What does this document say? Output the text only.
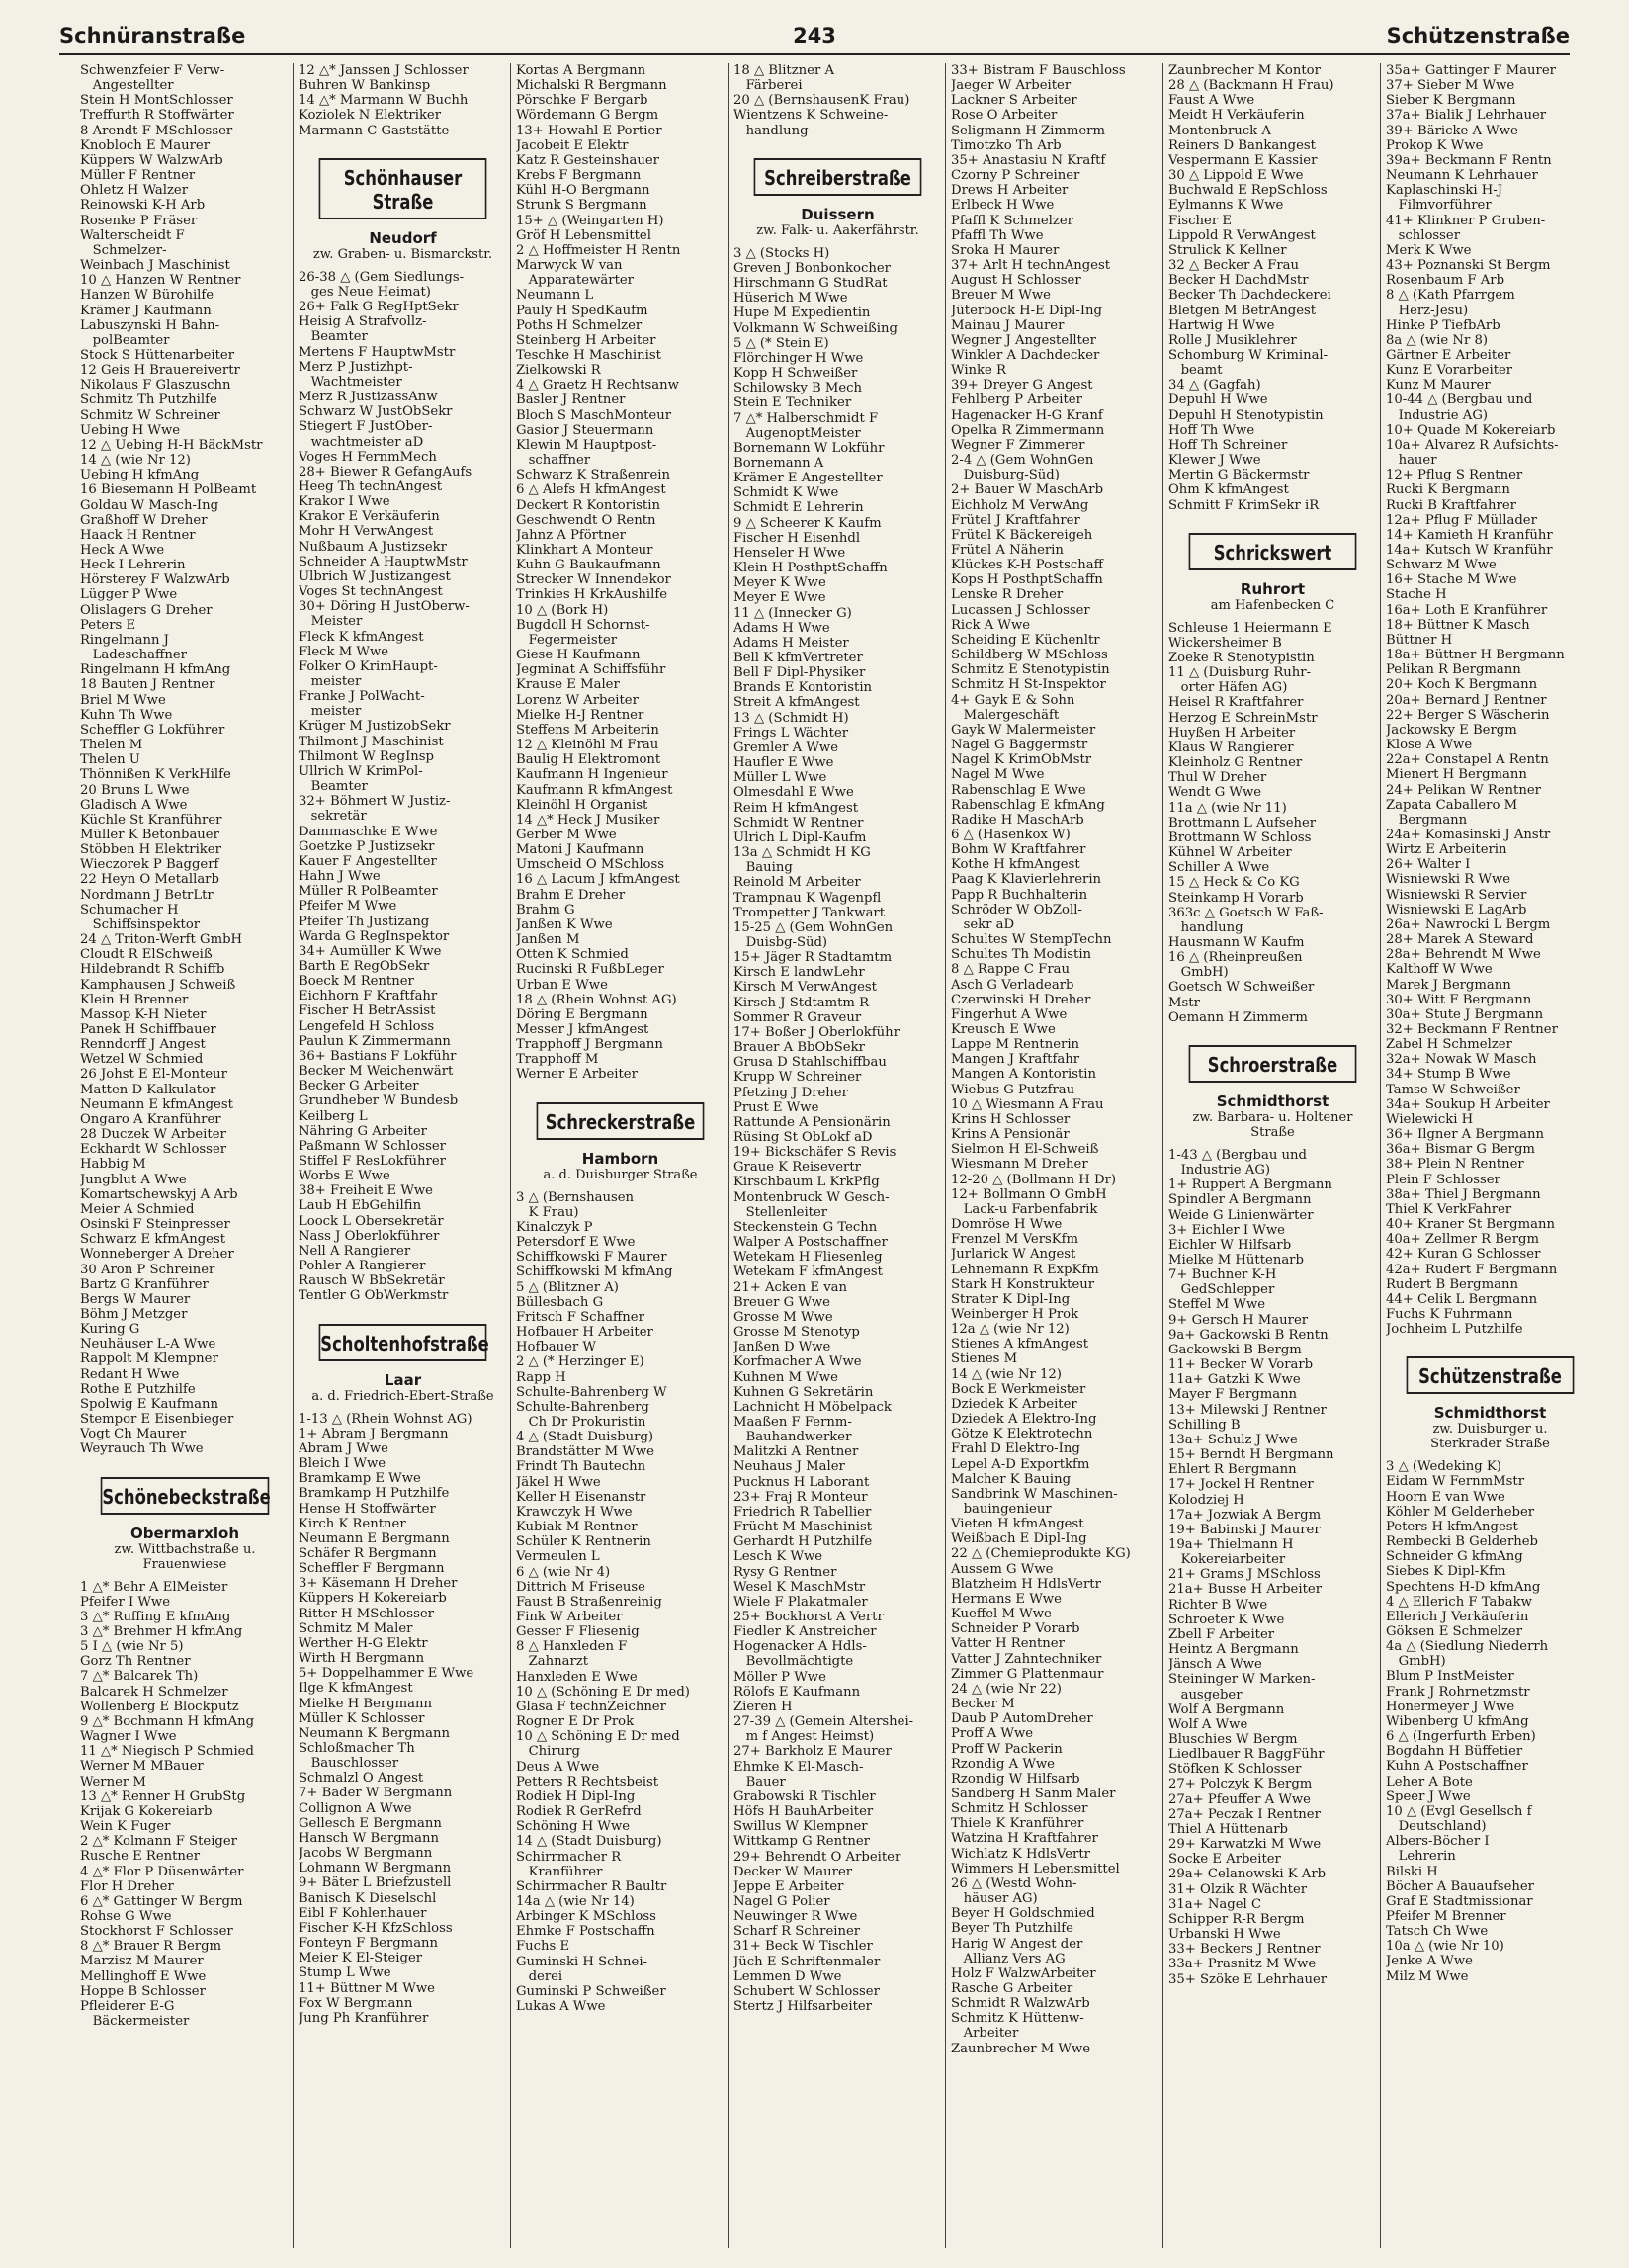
Schnüranstraße	243	Schützenstraße
Schwenzfeier F Verw-
Angestellter
Stein H MontSchlosser
Treffurth R Stoffwärter
8 Arendt F MSchlosser
Knobloch E Maurer
Küppers W WalzwArb
Müller F Rentner
Ohletz H Walzer
Reinowski K-H Arb
Rosenke P Fräser
Walterscheidt F
Schmelzer-
Weinbach J Maschinist
10 △ Hanzen W Rentner
Hanzen W Bürohilfe
Krämer J Kaufmann
Labuszynski H Bahn-
polBeamter
Stock S Hüttenarbeiter
12 Geis H Brauereivertr
Nikolaus F Glaszuschn
Schmitz Th Putzhilfe
Schmitz W Schreiner
Uebing H Wwe
12 △ Uebing H-H BäckMstr
14 △ (wie Nr 12)
Uebing H kfmAng
16 Biesemann H PolBeamt
Goldau W Masch-Ing
Graßhoff W Dreher
Haack H Rentner
Heck A Wwe
Heck I Lehrerin
Hörsterey F WalzwArb
Lügger P Wwe
Olislagers G Dreher
Peters E
Ringelmann J
Ladeschaffner
Ringelmann H kfmAng
18 Bauten J Rentner
Briel M Wwe
Kuhn Th Wwe
Scheffler G Lokführer
Thelen M
Thelen U
Thönnißen K VerkHilfe
20 Bruns L Wwe
Gladisch A Wwe
Küchle St Kranführer
Müller K Betonbauer
Stöbben H Elektriker
Wieczorek P Baggerf
22 Heyn O Metallarb
Nordmann J BetrLtr
Schumacher H
Schiffsinspektor
24 △ Triton-Werft GmbH
Cloudt R ElSchweiß
Hildebrandt R Schiffb
Kamphausen J Schweiß
Klein H Brenner
Massop K-H Nieter
Panek H Schiffbauer
Renndorff J Angest
Wetzel W Schmied
26 Johst E El-Monteur
Matten D Kalkulator
Neumann E kfmAngest
Ongaro A Kranführer
28 Duczek W Arbeiter
Eckhardt W Schlosser
Habbig M
Jungblut A Wwe
Komartschewskyj A Arb
Meier A Schmied
Osinski F Steinpresser
Schwarz E kfmAngest
Wonneberger A Dreher
30 Aron P Schreiner
Bartz G Kranführer
Bergs W Maurer
Böhm J Metzger
Kuring G
Neuhäuser L-A Wwe
Rappolt M Klempner
Redant H Wwe
Rothe E Putzhilfe
Spolwig E Kaufmann
Stempor E Eisenbieger
Vogt Ch Maurer
Weyrauch Th Wwe
Schönebeckstraße
Obermarxloh
zw. Wittbachstraße u.
Frauenwiese
1 △* Behr A ElMeister
Pfeifer I Wwe
3 △* Ruffing E kfmAng
3 △* Brehmer H kfmAng
5 I △ (wie Nr 5)
Gorz Th Rentner
7 △* Balcarek Th)
Balcarek H Schmelzer
Wollenberg E Blockputz
9 △* Bochmann H kfmAng
Wagner I Wwe
11 △* Niegisch P Schmied
Werner M MBauer
Werner M
13 △* Renner H GrubStg
Krijak G Kokereiarb
Wein K Fuger
2 △* Kolmann F Steiger
Rusche E Rentner
4 △* Flor P Düsenwärter
Flor H Dreher
6 △* Gattinger W Bergm
Rohse G Wwe
Stockhorst F Schlosser
8 △* Brauer R Bergm
Marzisz M Maurer
Mellinghoff E Wwe
Hoppe B Schlosser
Pfleiderer E-G
Bäckermeister
12 △* Janssen J Schlosser
Buhren W Bankinsp
14 △* Marmann W Buchh
Koziolek N Elektriker
Marmann C Gaststätte
Schönhauser Straße
Neudorf
zw. Graben- u. Bismarckstr.
26-38 △ (Gem Siedlungs-
ges Neue Heimat)
26+ Falk G RegHptSekr
Heisig A Strafvollz-
Beamter
Mertens F HauptwMstr
Merz P Justizhpt-
Wachtmeister
Merz R JustizassAnw
Schwarz W JustObSekr
Stiegert F JustOber-
wachtmeister aD
Voges H FernmMech
28+ Biewer R GefangAufs
Heeg Th technAngest
Krakor I Wwe
Krakor E Verkäuferin
Mohr H VerwAngest
Nußbaum A Justizsekr
Schneider A HauptwMstr
Ulbrich W Justizangest
Voges St technAngest
30+ Döring H JustOberw-
Meister
Fleck K kfmAngest
Fleck M Wwe
Folker O KrimHaupt-
meister
Franke J PolWacht-
meister
Krüger M JustizobSekr
Thilmont J Maschinist
Thilmont W RegInsp
Ullrich W KrimPol-
Beamter
32+ Böhmert W Justiz-
sekretär
Dammaschke E Wwe
Goetzke P Justizsekr
Kauer F Angestellter
Hahn J Wwe
Müller R PolBeamter
Pfeifer M Wwe
Pfeifer Th Justizang
Warda G RegInspektor
34+ Aumüller K Wwe
Barth E RegObSekr
Boeck M Rentner
Eichhorn F Kraftfahr
Fischer H BetrAssist
Lengefeld H Schloss
Paulun K Zimmermann
36+ Bastians F Lokführ
Becker M Weichenwärt
Becker G Arbeiter
Grundheber W Bundesb
Keilberg L
Nähring G Arbeiter
Paßmann W Schlosser
Stiffel F ResLokführer
Worbs E Wwe
38+ Freiheit E Wwe
Laub H EbGehilfin
Loock L Obersekretär
Nass J Oberlokführer
Nell A Rangierer
Pohler A Rangierer
Rausch W BbSekretär
Tentler G ObWerkmstr
Scholtenhofstraße
Laar
a. d. Friedrich-Ebert-Straße
1-13 △ (Rhein Wohnst AG)
1+ Abram J Bergmann
Abram J Wwe
Bleich I Wwe
Bramkamp E Wwe
Bramkamp H Putzhilfe
Hense H Stoffwärter
Kirch K Rentner
Neumann E Bergmann
Schäfer R Bergmann
Scheffler F Bergmann
3+ Käsemann H Dreher
Küppers H Kokereiarb
Ritter H MSchlosser
Schmitz M Maler
Werther H-G Elektr
Wirth H Bergmann
5+ Doppelhammer E Wwe
Ilge K kfmAngest
Mielke H Bergmann
Müller K Schlosser
Neumann K Bergmann
Schloßmacher Th
Bauschlosser
Schmalzl O Angest
7+ Bader W Bergmann
Collignon A Wwe
Gellesch E Bergmann
Hansch W Bergmann
Jacobs W Bergmann
Lohmann W Bergmann
9+ Bäter L Briefzustell
Banisch K Dieselschl
Eibl F Kohlenhauer
Fischer K-H KfzSchloss
Fonteyn F Bergmann
Meier K El-Steiger
Stump L Wwe
11+ Büttner M Wwe
Fox W Bergmann
Jung Ph Kranführer
Kortas A Bergmann
Michalski R Bergmann
Pörschke F Bergarb
Wördemann G Bergm
13+ Howahl E Portier
Jacobeit E Elektr
Katz R Gesteinshauer
Krebs F Bergmann
Kühl H-O Bergmann
Strunk S Bergmann
15+ △ (Weingarten H)
Gröf H Lebensmittel
2 △ Hoffmeister H Rentn
Marwyck W van
Apparatewärter
Neumann L
Pauly H SpedKaufm
Poths H Schmelzer
Steinberg H Arbeiter
Teschke H Maschinist
Zielkowski R
4 △ Graetz H Rechtsanw
Basler J Rentner
Bloch S MaschMonteur
Gasior J Steuermann
Klewin M Hauptpost-
schaffner
Schwarz K Straßenrein
6 △ Alefs H kfmAngest
Deckert R Kontoristin
Geschwendt O Rentn
Jahnz A Pförtner
Klinkhart A Monteur
Kuhn G Baukaufmann
Strecker W Innendekor
Trinkies H KrkAushilfe
10 △ (Bork H)
Bugdoll H Schornst-
Fegermeister
Giese H Kaufmann
Jegminat A Schiffsführ
Krause E Maler
Lorenz W Arbeiter
Mielke H-J Rentner
Steffens M Arbeiterin
12 △ Kleinöhl M Frau
Baulig H Elektromont
Kaufmann H Ingenieur
Kaufmann R kfmAngest
Kleinöhl H Organist
14 △* Heck J Musiker
Gerber M Wwe
Matoni J Kaufmann
Umscheid O MSchloss
16 △ Lacum J kfmAngest
Brahm E Dreher
Brahm G
Janßen K Wwe
Janßen M
Otten K Schmied
Rucinski R FußbLeger
Urban E Wwe
18 △ (Rhein Wohnst AG)
Döring E Bergmann
Messer J kfmAngest
Trapphoff J Bergmann
Trapphoff M
Werner E Arbeiter
Schreckerstraße
Hamborn
a. d. Duisburger Straße
3 △ (Bernshausen
K Frau)
Kinalczyk P
Petersdorf E Wwe
Schiffkowski F Maurer
Schiffkowski M kfmAng
5 △ (Blitzner A)
Büllesbach G
Fritsch F Schaffner
Hofbauer H Arbeiter
Hofbauer W
2 △ (* Herzinger E)
Rapp H
Schulte-Bahrenberg W
Schulte-Bahrenberg
Ch Dr Prokuristin
4 △ (Stadt Duisburg)
Brandstätter M Wwe
Frindt Th Bautechn
Jäkel H Wwe
Keller H Eisenanstr
Krawczyk H Wwe
Kubiak M Rentner
Schüler K Rentnerin
Vermeulen L
6 △ (wie Nr 4)
Dittrich M Friseuse
Faust B Straßenreinig
Fink W Arbeiter
Gesser F Fliesenig
8 △ Hanxleden F
Zahnarzt
Hanxleden E Wwe
10 △ (Schöning E Dr med)
Glasa F technZeichner
Rogner E Dr Prok
10 △ Schöning E Dr med
Chirurg
Deus A Wwe
Petters R Rechtsbeist
Rodiek H Dipl-Ing
Rodiek R GerRefrd
Schöning H Wwe
14 △ (Stadt Duisburg)
Schirrmacher R
Kranführer
Schirrmacher R Baultr
14a △ (wie Nr 14)
Arbinger K MSchloss
Ehmke F Postschaffn
Fuchs E
Guminski H Schnei-
derei
Guminski P Schweißer
Lukas A Wwe
18 △ Blitzner A
Färberei
20 △ (BernshausenK Frau)
Wientzens K Schweine-
handlung
Schreiberstraße
Duissern
zw. Falk- u. Aakerfährstr.
3 △ (Stocks H)
Greven J Bonbonkocher
Hirschmann G StudRat
Hüserich M Wwe
Hupe M Expedientin
Volkmann W Schweißing
5 △ (* Stein E)
Flörchinger H Wwe
Kopp H Schweißer
Schilowsky B Mech
Stein E Techniker
7 △* Halberschmidt F
AugenoptMeister
Bornemann W Lokführ
Bornemann A
Krämer E Angestellter
Schmidt K Wwe
Schmidt E Lehrerin
9 △ Scheerer K Kaufm
Fischer H Eisenhdl
Henseler H Wwe
Klein H PosthptSchaffn
Meyer K Wwe
Meyer E Wwe
11 △ (Innecker G)
Adams H Wwe
Adams H Meister
Bell K kfmVertreter
Bell F Dipl-Physiker
Brands E Kontoristin
Streit A kfmAngest
13 △ (Schmidt H)
Frings L Wächter
Gremler A Wwe
Haufler E Wwe
Müller L Wwe
Olmesdahl E Wwe
Reim H kfmAngest
Schmidt W Rentner
Ulrich L Dipl-Kaufm
13a △ Schmidt H KG
Bauing
Reinold M Arbeiter
Trampnau K Wagenpfl
Trompetter J Tankwart
15-25 △ (Gem WohnGen
Duisbg-Süd)
15+ Jäger R Stadtamtm
Kirsch E landwLehr
Kirsch M VerwAngest
Kirsch J Stdtamtm R
Sommer R Graveur
17+ Boßer J Oberlokführ
Brauer A BbObSekr
Grusa D Stahlschiffbau
Krupp W Schreiner
Pfetzing J Dreher
Prust E Wwe
Rattunde A Pensionärin
Rüsing St ObLokf aD
19+ Bickschäfer S Revis
Graue K Reisevertr
Kirschbaum L KrkPflg
Montenbruck W Gesch-
Stellenleiter
Steckenstein G Techn
Walper A Postschaffner
Wetekam H Fliesenleg
Wetekam F kfmAngest
21+ Acken E van
Breuer G Wwe
Grosse M Wwe
Grosse M Stenotyp
Janßen D Wwe
Korfmacher A Wwe
Kuhnen M Wwe
Kuhnen G Sekretärin
Lachnicht H Möbelpack
Maaßen F Fernm-
Bauhandwerker
Malitzki A Rentner
Neuhaus J Maler
Pucknus H Laborant
23+ Fraj R Monteur
Friedrich R Tabellier
Frücht M Maschinist
Gerhardt H Putzhilfe
Lesch K Wwe
Rysy G Rentner
Wesel K MaschMstr
Wiele F Plakatmaler
25+ Bockhorst A Vertr
Fiedler K Anstreicher
Hogenacker A Hdls-
Bevollmächtigte
Möller P Wwe
Rölofs E Kaufmann
Zieren H
27-39 △ (Gemein Altershei-
m f Angest Heimst)
27+ Barkholz E Maurer
Ehmke K El-Masch-
Bauer
Grabowski R Tischler
Höfs H BauhArbeiter
Swillus W Klempner
Wittkamp G Rentner
29+ Behrendt O Arbeiter
Decker W Maurer
Jeppe E Arbeiter
Nagel G Polier
Neuwinger R Wwe
Scharf R Schreiner
31+ Beck W Tischler
Jüch E Schriftenmaler
Lemmen D Wwe
Schubert W Schlosser
Stertz J Hilfsarbeiter
33+ Bistram F Bauschloss
Jaeger W Arbeiter
Lackner S Arbeiter
Rose O Arbeiter
Seligmann H Zimmerm
Timotzko Th Arb
35+ Anastasiu N Kraftf
Czorny P Schreiner
Drews H Arbeiter
Erlbeck H Wwe
Pfaffl K Schmelzer
Pfaffl Th Wwe
Sroka H Maurer
37+ Arlt H technAngest
August H Schlosser
Breuer M Wwe
Jüterbock H-E Dipl-Ing
Mainau J Maurer
Wegner J Angestellter
Winkler A Dachdecker
Winke R
39+ Dreyer G Angest
Fehlberg P Arbeiter
Hagenacker H-G Kranf
Opelka R Zimmermann
Wegner F Zimmerer
2-4 △ (Gem WohnGen
Duisburg-Süd)
2+ Bauer W MaschArb
Eichholz M VerwAng
Frütel J Kraftfahrer
Frütel K Bäckereigeh
Frütel A Näherin
Klückes K-H Postschaff
Kops H PosthptSchaffn
Lenske R Dreher
Lucassen J Schlosser
Rick A Wwe
Scheiding E Küchenltr
Schildberg W MSchloss
Schmitz E Stenotypistin
Schmitz H St-Inspektor
4+ Gayk E & Sohn
Malergeschäft
Gayk W Malermeister
Nagel G Baggermstr
Nagel K KrimObMstr
Nagel M Wwe
Rabenschlag E Wwe
Rabenschlag E kfmAng
Radike H MaschArb
6 △ (Hasenkox W)
Bohm W Kraftfahrer
Kothe H kfmAngest
Paag K Klavierlehrerin
Papp R Buchhalterin
Schröder W ObZoll-
sekr aD
Schultes W StempTechn
Schultes Th Modistin
8 △ Rappe C Frau
Asch G Verladearb
Czerwinski H Dreher
Fingerhut A Wwe
Kreusch E Wwe
Lappe M Rentnerin
Mangen J Kraftfahr
Mangen A Kontoristin
Wiebus G Putzfrau
10 △ Wiesmann A Frau
Krins H Schlosser
Krins A Pensionär
Sielmon H El-Schweiß
Wiesmann M Dreher
12-20 △ (Bollmann H Dr)
12+ Bollmann O GmbH
Lack-u Farbenfabrik
Domröse H Wwe
Frenzel M VersKfm
Jurlarick W Angest
Lehnemann R ExpKfm
Stark H Konstrukteur
Strater K Dipl-Ing
Weinberger H Prok
12a △ (wie Nr 12)
Stienes A kfmAngest
Stienes M
14 △ (wie Nr 12)
Bock E Werkmeister
Dziedek K Arbeiter
Dziedek A Elektro-Ing
Götze K Elektrotechn
Frahl D Elektro-Ing
Lepel A-D Exportkfm
Malcher K Bauing
Sandbrink W Maschinen-
bauingenieur
Vieten H kfmAngest
Weißbach E Dipl-Ing
22 △ (Chemieprodukte KG)
Aussem G Wwe
Blatzheim H HdlsVertr
Hermans E Wwe
Kueffel M Wwe
Schneider P Vorarb
Vatter H Rentner
Vatter J Zahntechniker
Zimmer G Plattenmaur
24 △ (wie Nr 22)
Becker M
Daub P AutomDreher
Proff A Wwe
Proff W Packerin
Rzondig A Wwe
Rzondig W Hilfsarb
Sandberg H Sanm Maler
Schmitz H Schlosser
Thiele K Kranführer
Watzina H Kraftfahrer
Wichlatz K HdlsVertr
Wimmers H Lebensmittel
26 △ (Westd Wohn-
häuser AG)
Beyer H Goldschmied
Beyer Th Putzhilfe
Harig W Angest der
Allianz Vers AG
Holz F WalzwArbeiter
Rasche G Arbeiter
Schmidt R WalzwArb
Schmitz K Hüttenw-
Arbeiter
Zaunbrecher M Wwe
Zaunbrecher M Kontor
28 △ (Backmann H Frau)
Faust A Wwe
Meidt H Verkäuferin
Montenbruck A
Reiners D Bankangest
Vespermann E Kassier
30 △ Lippold E Wwe
Buchwald E RepSchloss
Eylmanns K Wwe
Fischer E
Lippold R VerwAngest
Strulick K Kellner
32 △ Becker A Frau
Becker H DachdMstr
Becker Th Dachdeckerei
Bletgen M BetrAngest
Hartwig H Wwe
Rolle J Musiklehrer
Schomburg W Kriminal-
beamt
34 △ (Gagfah)
Depuhl H Wwe
Depuhl H Stenotypistin
Hoff Th Wwe
Hoff Th Schreiner
Klewer J Wwe
Mertin G Bäckermstr
Ohm K kfmAngest
Schmitt F KrimSekr iR
Schrickswert
Ruhrort
am Hafenbecken C
Schleuse 1 Heiermann E
Wickersheimer B
Zoeke R Stenotypistin
11 △ (Duisburg Ruhr-
orter Häfen AG)
Heisel R Kraftfahrer
Herzog E SchreinMstr
Huyßen H Arbeiter
Klaus W Rangierer
Kleinholz G Rentner
Thul W Dreher
Wendt G Wwe
11a △ (wie Nr 11)
Brottmann L Aufseher
Brottmann W Schloss
Kühnel W Arbeiter
Schiller A Wwe
15 △ Heck & Co KG
Steinkamp H Vorarb
363c △ Goetsch W Faß-
handlung
Hausmann W Kaufm
16 △ (Rheinpreußen
GmbH)
Goetsch W Schweißer
Mstr
Oemann H Zimmerm
Schroerstraße
Schmidthorst
zw. Barbara- u. Holtener
Straße
1-43 △ (Bergbau und
Industrie AG)
1+ Ruppert A Bergmann
Spindler A Bergmann
Weide G Linienwärter
3+ Eichler I Wwe
Eichler W Hilfsarb
Mielke M Hüttenarb
7+ Buchner K-H
GedSchlepper
Steffel M Wwe
9+ Gersch H Maurer
9a+ Gackowski B Rentn
Gackowski B Bergm
11+ Becker W Vorarb
11a+ Gatzki K Wwe
Mayer F Bergmann
13+ Milewski J Rentner
Schilling B
13a+ Schulz J Wwe
15+ Berndt H Bergmann
Ehlert R Bergmann
17+ Jockel H Rentner
Kolodziej H
17a+ Jozwiak A Bergm
19+ Babinski J Maurer
19a+ Thielmann H
Kokereiarbeiter
21+ Grams J MSchloss
21a+ Busse H Arbeiter
Richter B Wwe
Schroeter K Wwe
Zbell F Arbeiter
Heintz A Bergmann
Jänsch A Wwe
Steininger W Marken-
ausgeber
Wolf A Bergmann
Wolf A Wwe
Bluschies W Bergm
Liedlbauer R BaggFühr
Stöfken K Schlosser
27+ Polczyk K Bergm
27a+ Pfeuffer A Wwe
27a+ Peczak I Rentner
Thiel A Hüttenarb
29+ Karwatzki M Wwe
Socke E Arbeiter
29a+ Celanowski K Arb
31+ Olzik R Wächter
31a+ Nagel C
Schipper R-R Bergm
Urbanski H Wwe
33+ Beckers J Rentner
33a+ Prasnitz M Wwe
35+ Szöke E Lehrhauer
35a+ Gattinger F Maurer
37+ Sieber M Wwe
Sieber K Bergmann
37a+ Bialik J Lehrhauer
39+ Bäricke A Wwe
Prokop K Wwe
39a+ Beckmann F Rentn
Neumann K Lehrhauer
Kaplaschinski H-J
Filmvorführer
41+ Klinkner P Gruben-
schlosser
Merk K Wwe
43+ Poznanski St Bergm
Rosenbaum F Arb
8 △ (Kath Pfarrgem
Herz-Jesu)
Hinke P TiefbArb
8a △ (wie Nr 8)
Gärtner E Arbeiter
Kunz E Vorarbeiter
Kunz M Maurer
10-44 △ (Bergbau und
Industrie AG)
10+ Quade M Kokereiarb
10a+ Alvarez R Aufsichts-
hauer
12+ Pflug S Rentner
Rucki K Bergmann
Rucki B Kraftfahrer
12a+ Pflug F Müllader
14+ Kamieth H Kranführ
14a+ Kutsch W Kranführ
Schwarz M Wwe
16+ Stache M Wwe
Stache H
16a+ Loth E Kranführer
18+ Büttner K Masch
Büttner H
18a+ Büttner H Bergmann
Pelikan R Bergmann
20+ Koch K Bergmann
20a+ Bernard J Rentner
22+ Berger S Wäscherin
Jackowsky E Bergm
Klose A Wwe
22a+ Constapel A Rentn
Mienert H Bergmann
24+ Pelikan W Rentner
Zapata Caballero M
Bergmann
24a+ Komasinski J Anstr
Wirtz E Arbeiterin
26+ Walter I
Wisniewski R Wwe
Wisniewski R Servier
Wisniewski E LagArb
26a+ Nawrocki L Bergm
28+ Marek A Steward
28a+ Behrendt M Wwe
Kalthoff W Wwe
Marek J Bergmann
30+ Witt F Bergmann
30a+ Stute J Bergmann
32+ Beckmann F Rentner
Zabel H Schmelzer
32a+ Nowak W Masch
34+ Stump B Wwe
Tamse W Schweißer
34a+ Soukup H Arbeiter
Wielewicki H
36+ Ilgner A Bergmann
36a+ Bismar G Bergm
38+ Plein N Rentner
Plein F Schlosser
38a+ Thiel J Bergmann
Thiel K VerkFahrer
40+ Kraner St Bergmann
40a+ Zellmer R Bergm
42+ Kuran G Schlosser
42a+ Rudert F Bergmann
Rudert B Bergmann
44+ Celik L Bergmann
Fuchs K Fuhrmann
Jochheim L Putzhilfe
Schützenstraße
Schmidthorst
zw. Duisburger u.
Sterkrader Straße
3 △ (Wedeking K)
Eidam W FernmMstr
Hoorn E van Wwe
Köhler M Gelderheber
Peters H kfmAngest
Rembecki B Gelderheb
Schneider G kfmAng
Siebes K Dipl-Kfm
Spechtens H-D kfmAng
4 △ Ellerich F Tabakw
Ellerich J Verkäuferin
Göksen E Schmelzer
4a △ (Siedlung Niederrh
GmbH)
Blum P InstMeister
Frank J Rohrnetzmstr
Honermeyer J Wwe
Wibenberg U kfmAng
6 △ (Ingerfurth Erben)
Bogdahn H Büffetier
Kuhn A Postschaffner
Leher A Bote
Speer J Wwe
10 △ (Evgl Gesellsch f
Deutschland)
Albers-Böcher I
Lehrerin
Bilski H
Böcher A Bauaufseher
Graf E Stadtmissionar
Pfeifer M Brenner
Tatsch Ch Wwe
10a △ (wie Nr 10)
Jenke A Wwe
Milz M Wwe
